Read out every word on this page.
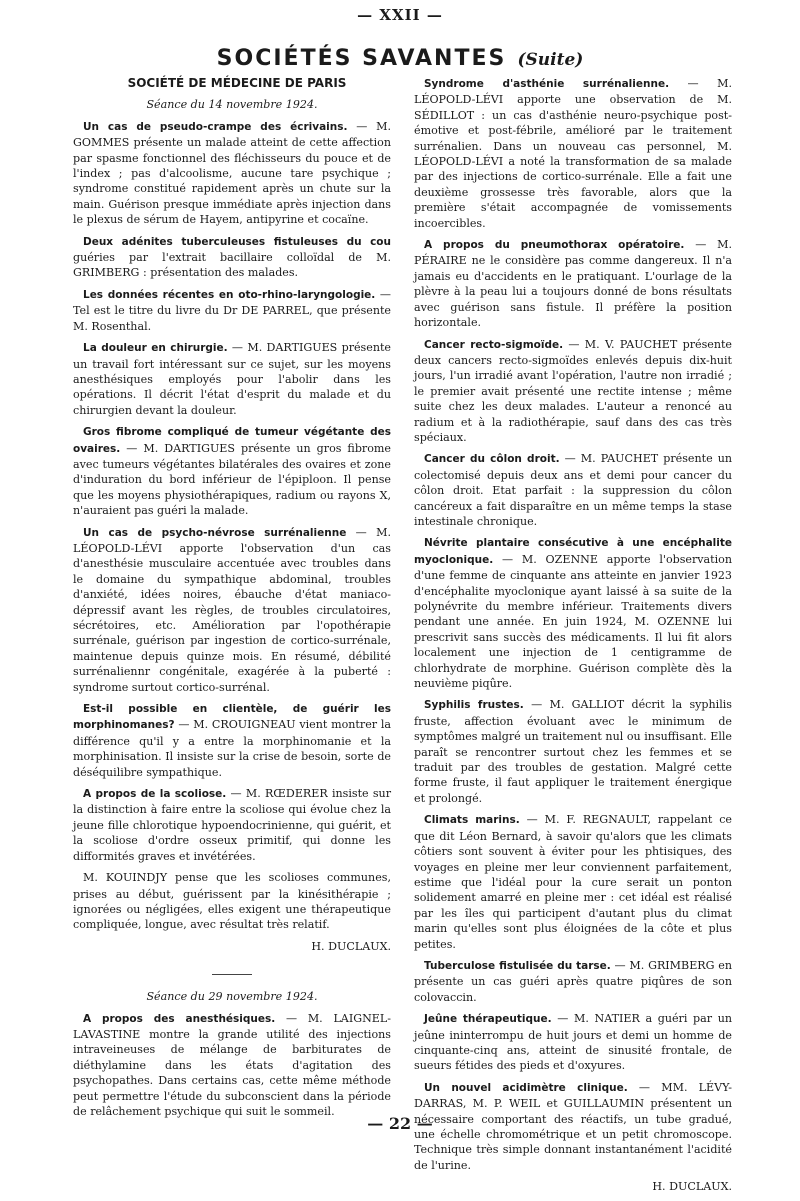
— XXII —
SOCIÉTÉS SAVANTES (Suite)

SOCIÉTÉ DE MÉDECINE DE PARIS

Séance du 14 novembre 1924.

Un cas de pseudo-crampe des écrivains. — M. GOMMES présente un malade atteint de cette affection par spasme fonctionnel des fléchisseurs du pouce et de l'index ; pas d'alcoolisme, aucune tare psychique ; syndrome constitué rapidement après un chute sur la main. Guérison presque immédiate après injection dans le plexus de sérum de Hayem, antipyrine et cocaïne.

Deux adénites tuberculeuses fistuleuses du cou guéries par l'extrait bacillaire colloïdal de M. GRIMBERG : présentation des malades.

Les données récentes en oto-rhino-laryngologie. — Tel est le titre du livre du Dr DE PARREL, que présente M. Rosenthal.

La douleur en chirurgie. — M. DARTIGUES présente un travail fort intéressant sur ce sujet, sur les moyens anesthésiques employés pour l'abolir dans les opérations. Il décrit l'état d'esprit du malade et du chirurgien devant la douleur.

Gros fibrome compliqué de tumeur végétante des ovaires. — M. DARTIGUES présente un gros fibrome avec tumeurs végétantes bilatérales des ovaires et zone d'induration du bord inférieur de l'épiploon. Il pense que les moyens physiothérapiques, radium ou rayons X, n'auraient pas guéri la malade.

Un cas de psycho-névrose surrénalienne — M. LÉOPOLD-LÉVI apporte l'observation d'un cas d'anesthésie musculaire accentuée avec troubles dans le domaine du sympathique abdominal, troubles d'anxiété, idées noires, ébauche d'état maniaco-dépressif avant les règles, de troubles circulatoires, sécrétoires, etc. Amélioration par l'opothérapie surrénale, guérison par ingestion de cortico-surrénale, maintenue depuis quinze mois. En résumé, débilité surrénaliennr congénitale, exagérée à la puberté : syndrome surtout cortico-surrénal.

Est-il possible en clientèle, de guérir les morphinomanes? — M. CROUIGNEAU vient montrer la différence qu'il y a entre la morphinomanie et la morphinisation. Il insiste sur la crise de besoin, sorte de déséquilibre sympathique.

A propos de la scoliose. — M. RŒDERER insiste sur la distinction à faire entre la scoliose qui évolue chez la jeune fille chlorotique hypoendocrinienne, qui guérit, et la scoliose d'ordre osseux primitif, qui donne les difformités graves et invétérées.

M. KOUINDJY pense que les scolioses communes, prises au début, guérissent par la kinésithérapie ; ignorées ou négligées, elles exigent une thérapeutique compliquée, longue, avec résultat très relatif.

H. DUCLAUX.

Séance du 29 novembre 1924.

A propos des anesthésiques. — M. LAIGNEL-LAVASTINE montre la grande utilité des injections intraveineuses de mélange de barbiturates de diéthylamine dans les états d'agitation des psychopathes. Dans certains cas, cette même méthode peut permettre l'étude du subconscient dans la période de relâchement psychique qui suit le sommeil.

Syndrome d'asthénie surrénalienne. — M. LÉOPOLD-LÉVI apporte une observation de M. SÉDILLOT : un cas d'asthénie neuro-psychique post-émotive et post-fébrile, amélioré par le traitement surrénalien. Dans un nouveau cas personnel, M. LÉOPOLD-LÉVI a noté la transformation de sa malade par des injections de cortico-surrénale. Elle a fait une deuxième grossesse très favorable, alors que la première s'était accompagnée de vomissements incoercibles.

A propos du pneumothorax opératoire. — M. PÉRAIRE ne le considère pas comme dangereux. Il n'a jamais eu d'accidents en le pratiquant. L'ourlage de la plèvre à la peau lui a toujours donné de bons résultats avec guérison sans fistule. Il préfère la position horizontale.

Cancer recto-sigmoïde. — M. V. PAUCHET présente deux cancers recto-sigmoïdes enlevés depuis dix-huit jours, l'un irradié avant l'opération, l'autre non irradié ; le premier avait présenté une rectite intense ; même suite chez les deux malades. L'auteur a renoncé au radium et à la radiothérapie, sauf dans des cas très spéciaux.

Cancer du côlon droit. — M. PAUCHET présente un colectomisé depuis deux ans et demi pour cancer du côlon droit. Etat parfait : la suppression du côlon cancéreux a fait disparaître en un même temps la stase intestinale chronique.

Névrite plantaire consécutive à une encéphalite myoclonique. — M. OZENNE apporte l'observation d'une femme de cinquante ans atteinte en janvier 1923 d'encéphalite myoclonique ayant laissé à sa suite de la polynévrite du membre inférieur. Traitements divers pendant une année. En juin 1924, M. OZENNE lui prescrivit sans succès des médicaments. Il lui fit alors localement une injection de 1 centigramme de chlorhydrate de morphine. Guérison complète dès la neuvième piqûre.

Syphilis frustes. — M. GALLIOT décrit la syphilis fruste, affection évoluant avec le minimum de symptômes malgré un traitement nul ou insuffisant. Elle paraît se rencontrer surtout chez les femmes et se traduit par des troubles de gestation. Malgré cette forme fruste, il faut appliquer le traitement énergique et prolongé.

Climats marins. — M. F. REGNAULT, rappelant ce que dit Léon Bernard, à savoir qu'alors que les climats côtiers sont souvent à éviter pour les phtisiques, des voyages en pleine mer leur conviennent parfaitement, estime que l'idéal pour la cure serait un ponton solidement amarré en pleine mer : cet idéal est réalisé par les îles qui participent d'autant plus du climat marin qu'elles sont plus éloignées de la côte et plus petites.

Tuberculose fistulisée du tarse. — M. GRIMBERG en présente un cas guéri après quatre piqûres de son colovaccin.

Jeûne thérapeutique. — M. NATIER a guéri par un jeûne ininterrompu de huit jours et demi un homme de cinquante-cinq ans, atteint de sinusité frontale, de sueurs fétides des pieds et d'oxyures.

Un nouvel acidimètre clinique. — MM. LÉVY-DARRAS, M. P. WEIL et GUILLAUMIN présentent un nécessaire comportant des réactifs, un tube gradué, une échelle chromométrique et un petit chromoscope. Technique très simple donnant instantanément l'acidité de l'urine.

H. DUCLAUX.

— 22 —
